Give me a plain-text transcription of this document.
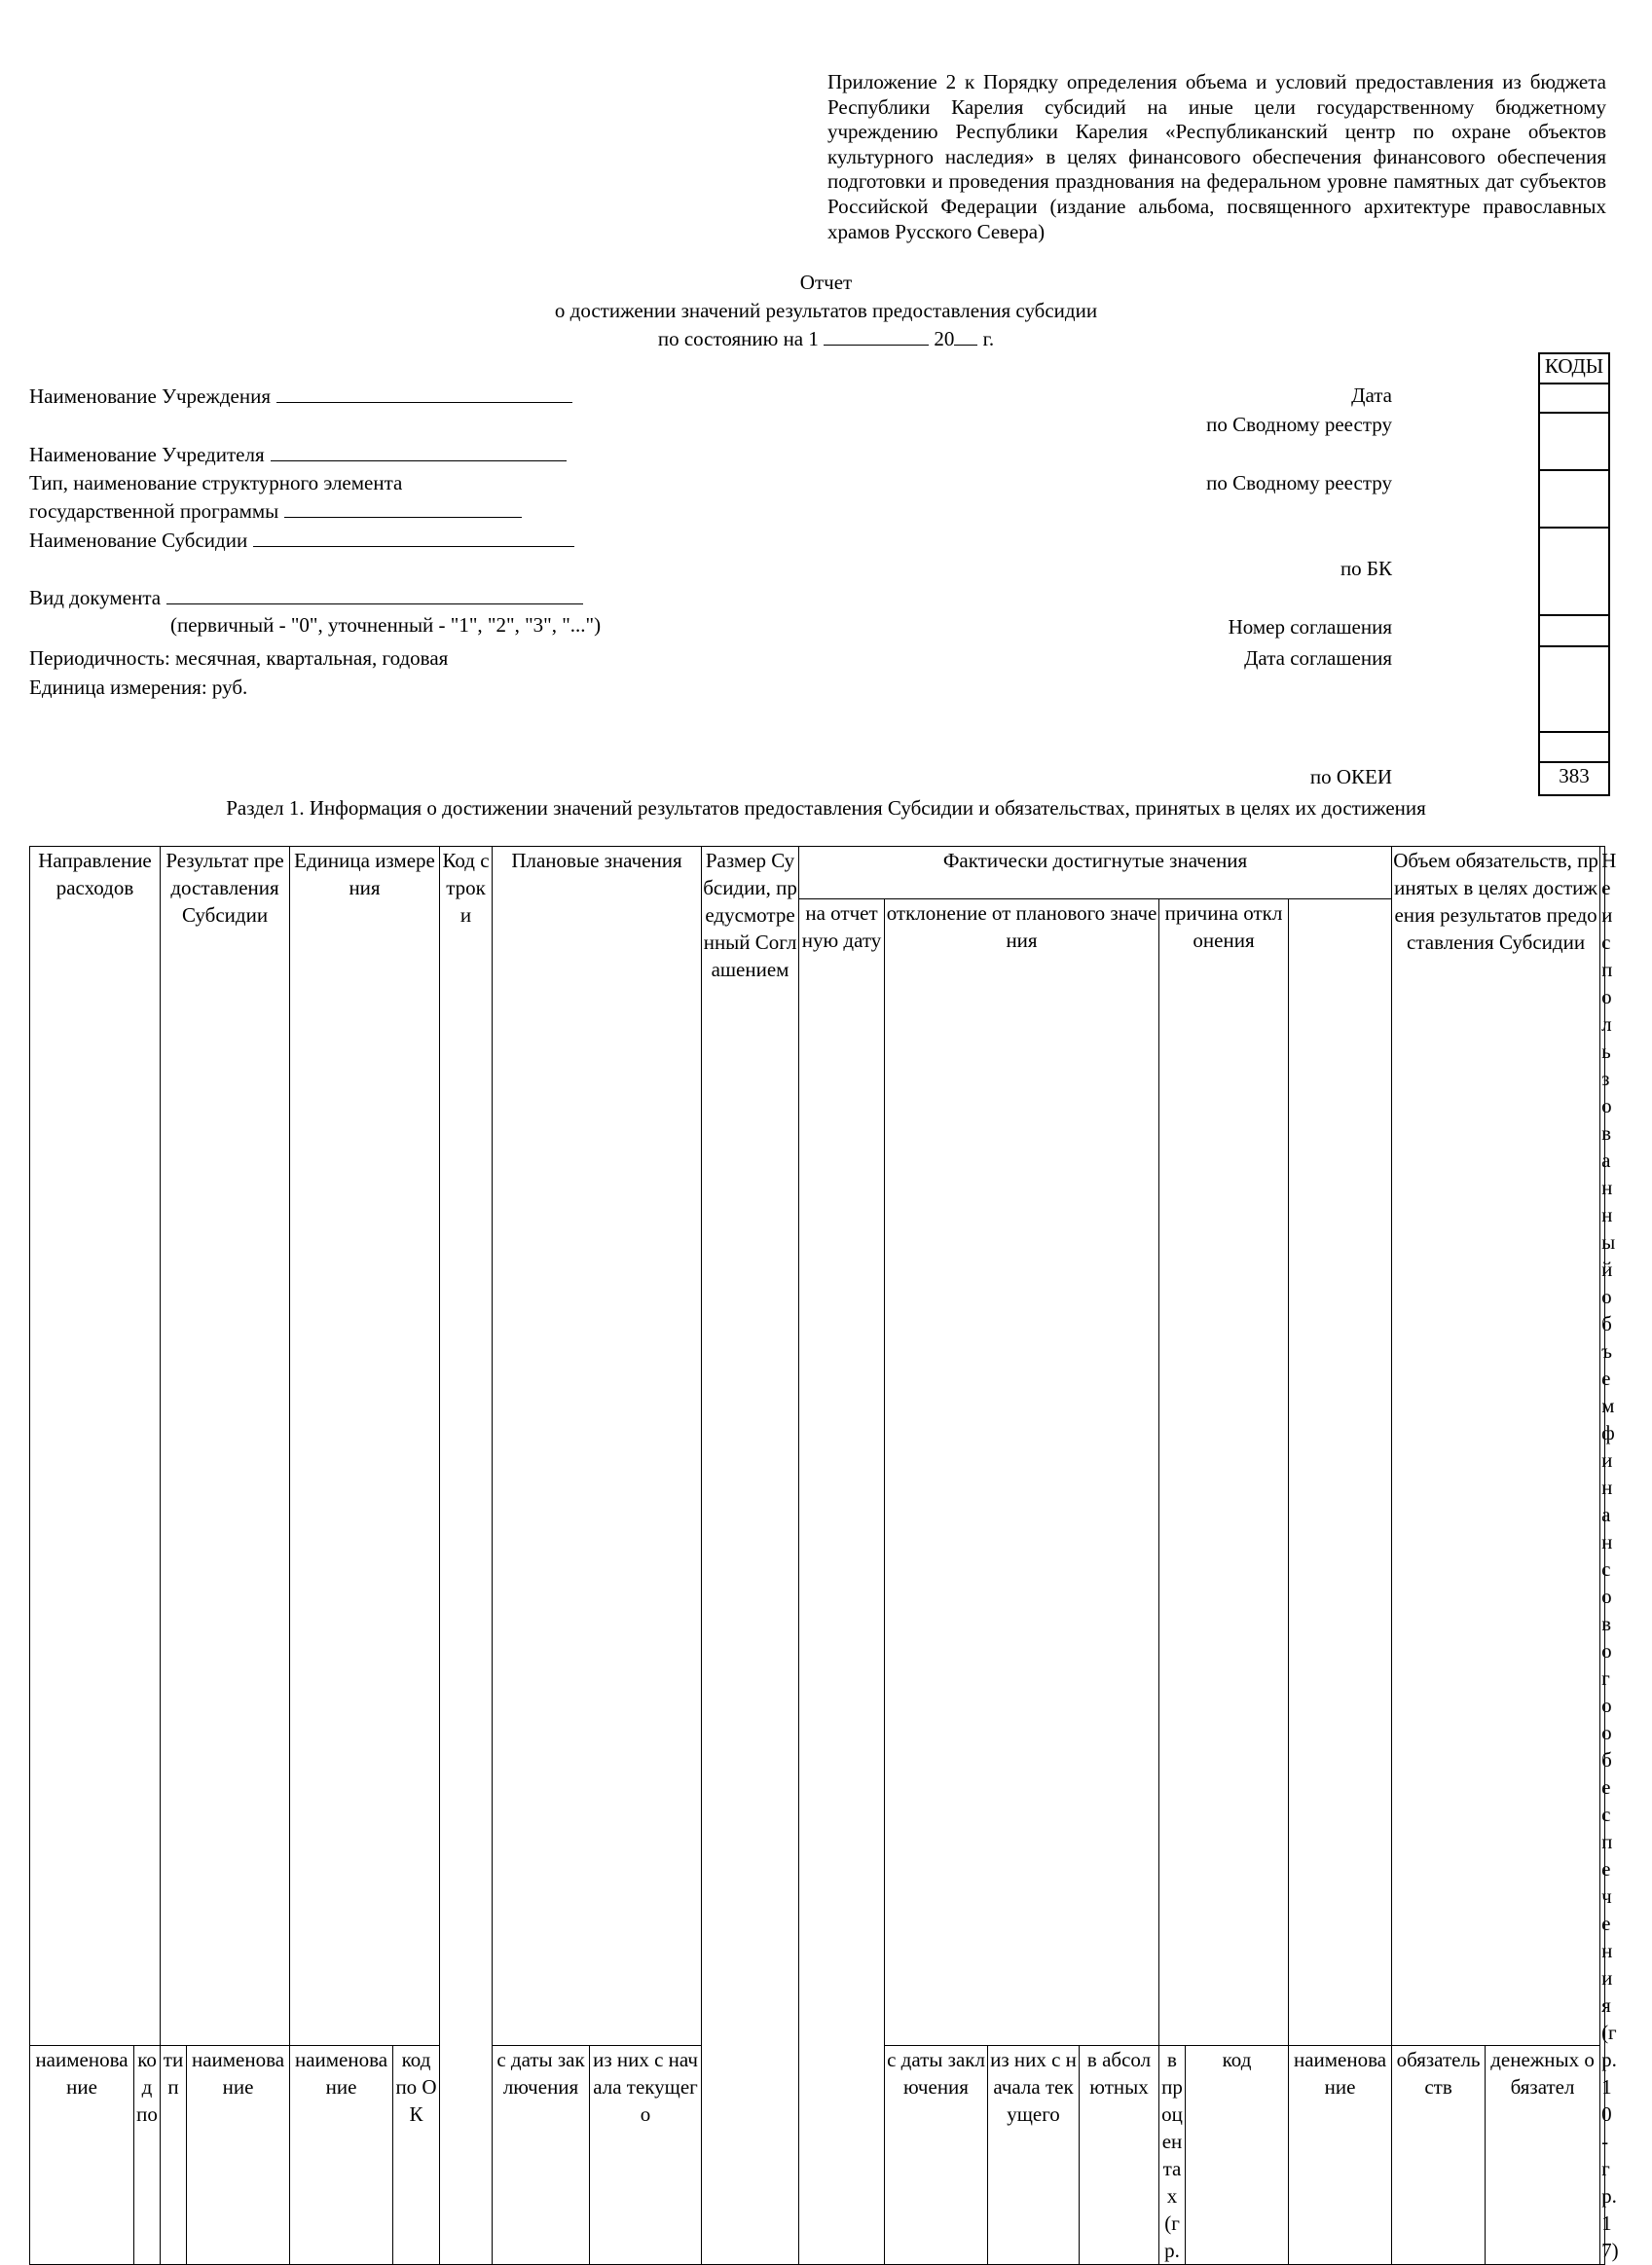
Приложение 2 к Порядку определения объема и условий предоставления из бюджета Республики Карелия субсидий на иные цели государственному бюджетному учреждению Республики Карелия «Республиканский центр по охране объектов культурного наследия» в целях финансового обеспечения финансового обеспечения подготовки и проведения празднования на федеральном уровне памятных дат субъектов Российской Федерации (издание альбома, посвященного архитектуре православных храмов Русского Севера)
Отчет
о достижении значений результатов предоставления субсидии
по состоянию на 1	20 г.
Наименование Учреждения
Наименование Учредителя
Тип, наименование структурного элемента
государственной программы
Наименование Субсидии
Вид документа
(первичный - "0", уточненный - "1", "2", "3", "...")
Периодичность: месячная, квартальная, годовая
Единица измерения: руб.
Дата
по Сводному реестру
по Сводному реестру
по БК
Номер соглашения
Дата соглашения
по ОКЕИ
КОДЫ
383
Раздел 1. Информация о достижении значений результатов предоставления Субсидии и обязательствах, принятых в целях их достижения
Направление расходов		Результат предоставления Субсидии		Единица измерения		Код строки	Плановые значения		Размер Субсидии, предусмотренный Соглашением	Фактически достигнутые значения							Объем обязательств, принятых в целях достижения результатов предоставления Субсидии		Неиспользованный объем финансового обеспечения (гр. 10 - гр. 17)
										на отчетную дату	отклонение от планового значения			причина отклонения					
наименование	код по	тип	наименование	наименование	код по ОК		с даты заключения	из них с начала текущего			с даты заключения	из них с начала текущего	в абсолютных	в процентах (гр.	код	наименование	обязательств	денежных обязател	
